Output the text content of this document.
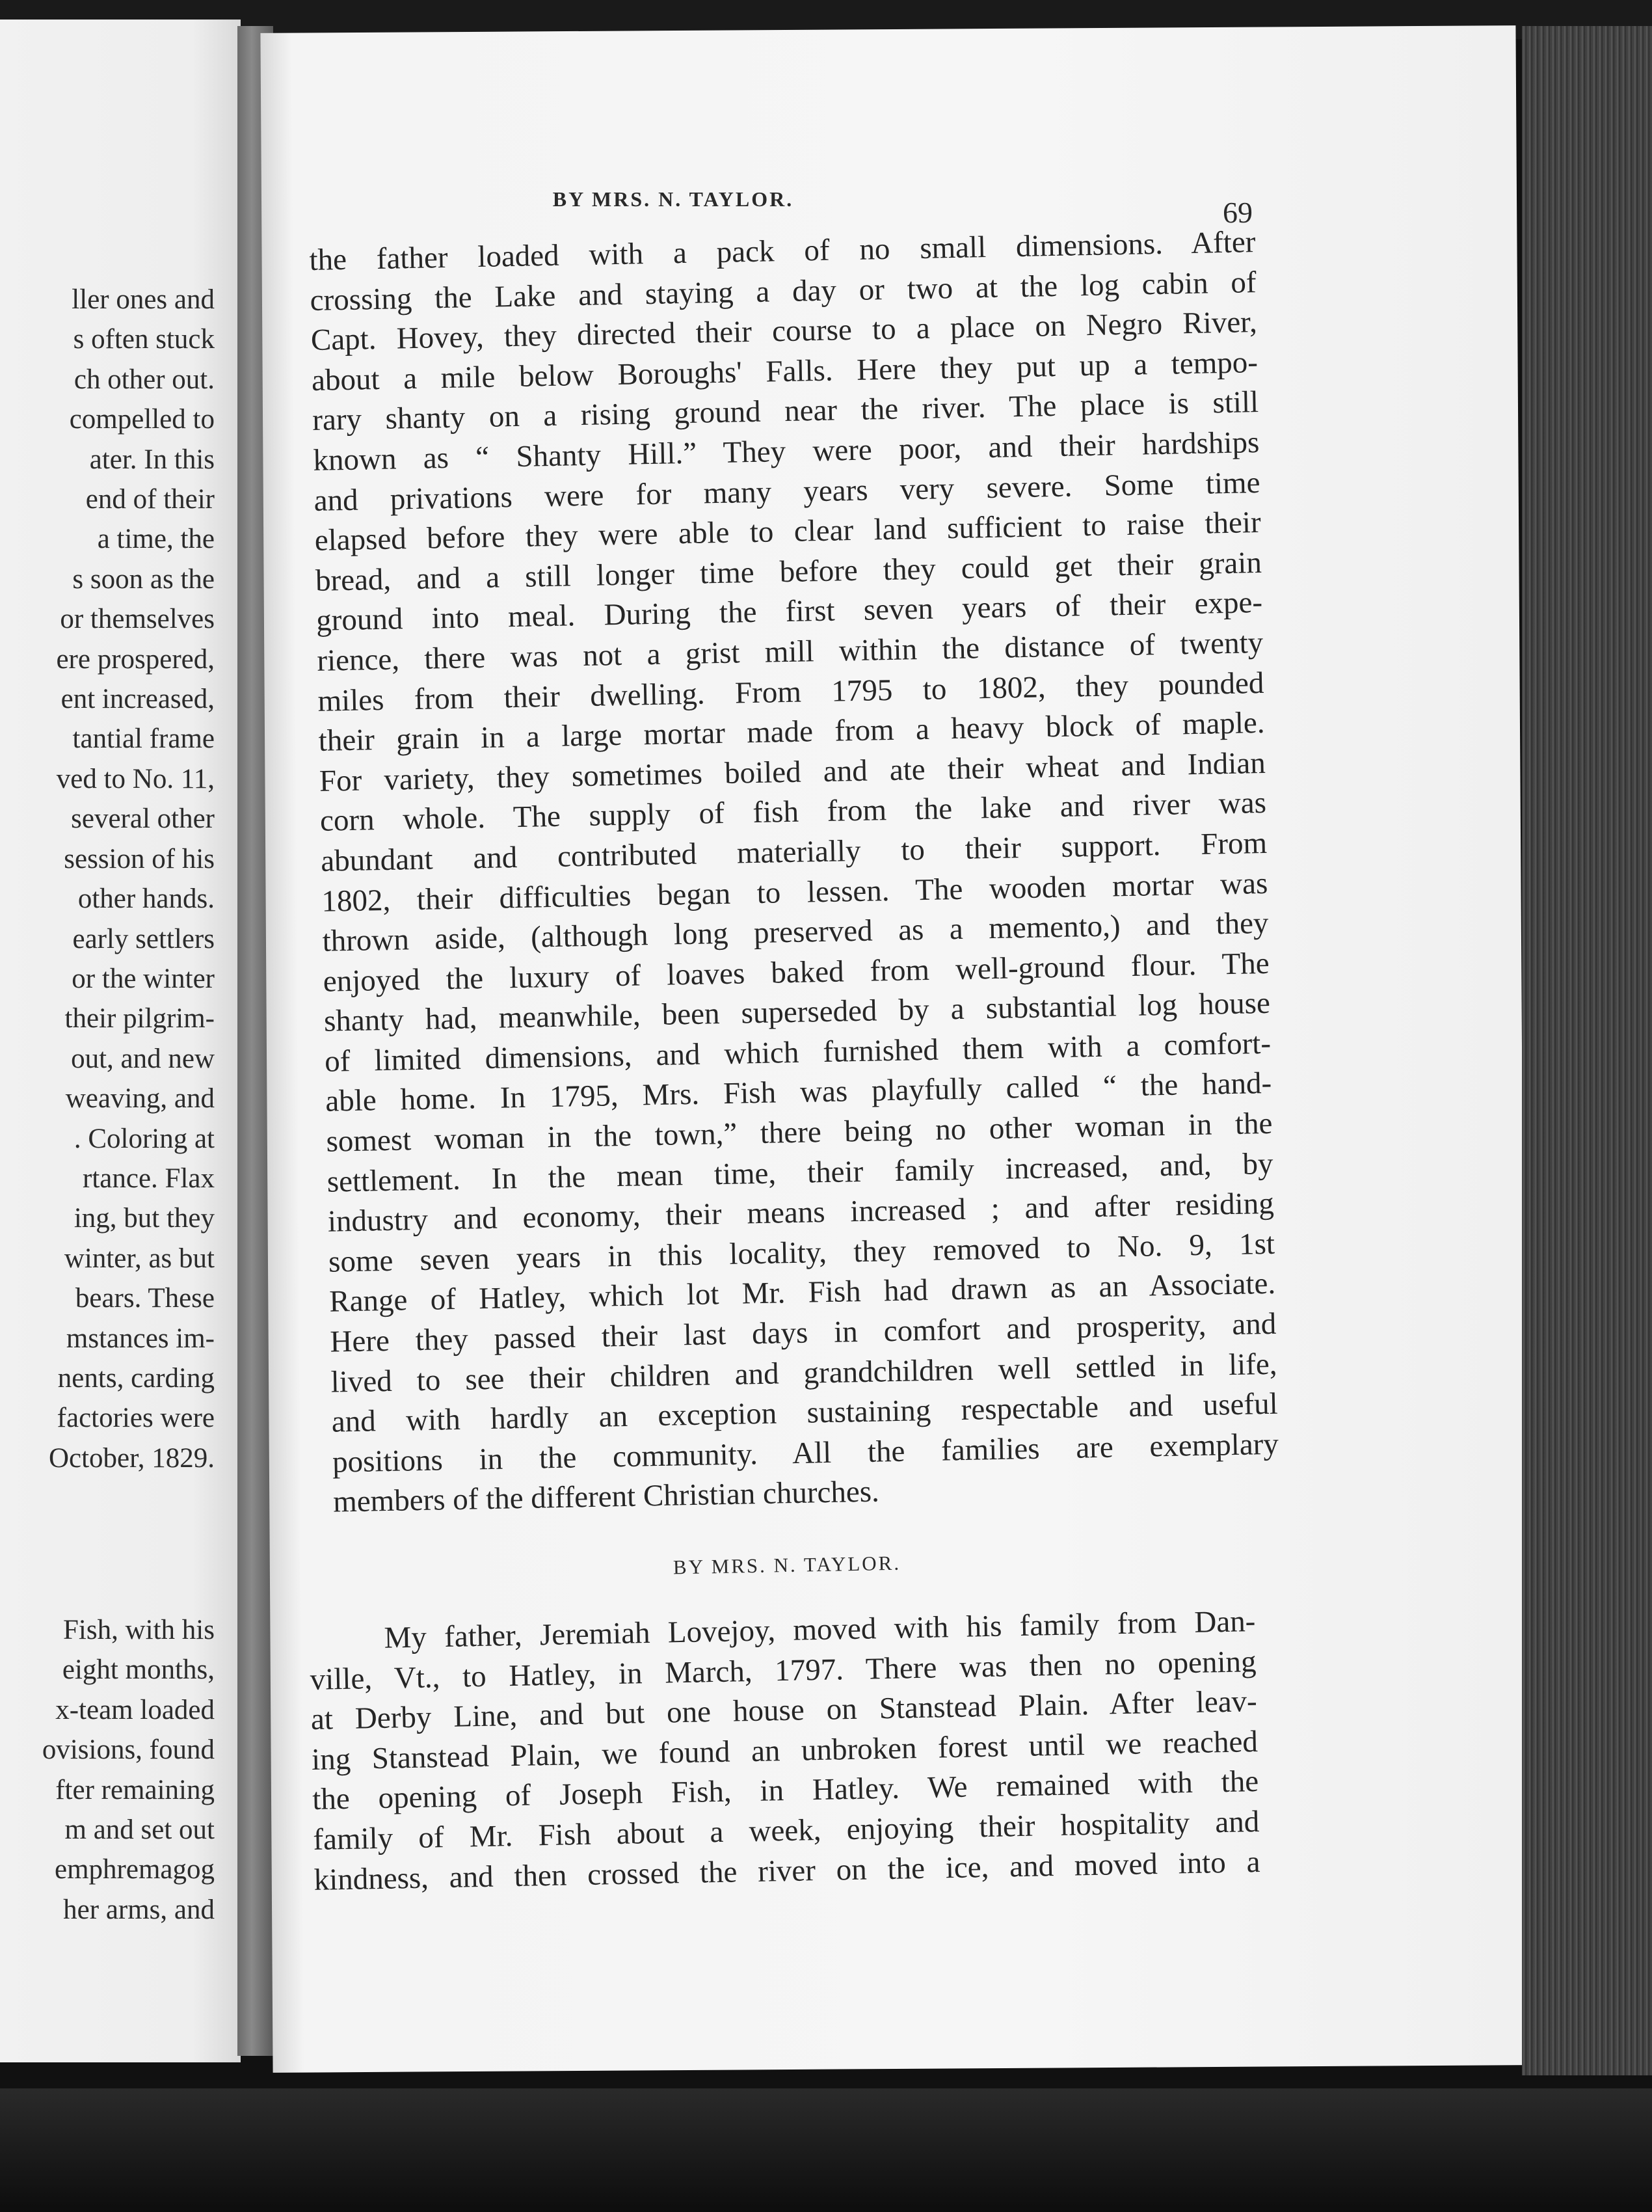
ller ones and
s often stuck
ch other out.
compelled to
ater. In this
end of their
a time, the
s soon as the
or themselves
ere prospered,
ent increased,
tantial frame
ved to No. 11,
several other
session of his
other hands.
early settlers
or the winter
their pilgrim-
out, and new
weaving, and
. Coloring at
rtance. Flax
ing, but they
winter, as but
bears. These
mstances im-
nents, carding
factories were
October, 1829.
Fish, with his
eight months,
x-team loaded
ovisions, found
fter remaining
m and set out
emphremagog
her arms, and
BY MRS. N. TAYLOR.	69
the father loaded with a pack of no small dimensions. After
crossing the Lake and staying a day or two at the log cabin of
Capt. Hovey, they directed their course to a place on Negro River,
about a mile below Boroughs' Falls. Here they put up a tempo-
rary shanty on a rising ground near the river. The place is still
known as “ Shanty Hill.” They were poor, and their hardships
and privations were for many years very severe. Some time
elapsed before they were able to clear land sufficient to raise their
bread, and a still longer time before they could get their grain
ground into meal. During the first seven years of their expe-
rience, there was not a grist mill within the distance of twenty
miles from their dwelling. From 1795 to 1802, they pounded
their grain in a large mortar made from a heavy block of maple.
For variety, they sometimes boiled and ate their wheat and Indian
corn whole. The supply of fish from the lake and river was
abundant and contributed materially to their support. From
1802, their difficulties began to lessen. The wooden mortar was
thrown aside, (although long preserved as a memento,) and they
enjoyed the luxury of loaves baked from well-ground flour. The
shanty had, meanwhile, been superseded by a substantial log house
of limited dimensions, and which furnished them with a comfort-
able home. In 1795, Mrs. Fish was playfully called “ the hand-
somest woman in the town,” there being no other woman in the
settlement. In the mean time, their family increased, and, by
industry and economy, their means increased ; and after residing
some seven years in this locality, they removed to No. 9, 1st
Range of Hatley, which lot Mr. Fish had drawn as an Associate.
Here they passed their last days in comfort and prosperity, and
lived to see their children and grandchildren well settled in life,
and with hardly an exception sustaining respectable and useful
positions in the community. All the families are exemplary
members of the different Christian churches.
BY MRS. N. TAYLOR.
My father, Jeremiah Lovejoy, moved with his family from Dan-
ville, Vt., to Hatley, in March, 1797. There was then no opening
at Derby Line, and but one house on Stanstead Plain. After leav-
ing Stanstead Plain, we found an unbroken forest until we reached
the opening of Joseph Fish, in Hatley. We remained with the
family of Mr. Fish about a week, enjoying their hospitality and
kindness, and then crossed the river on the ice, and moved into a
